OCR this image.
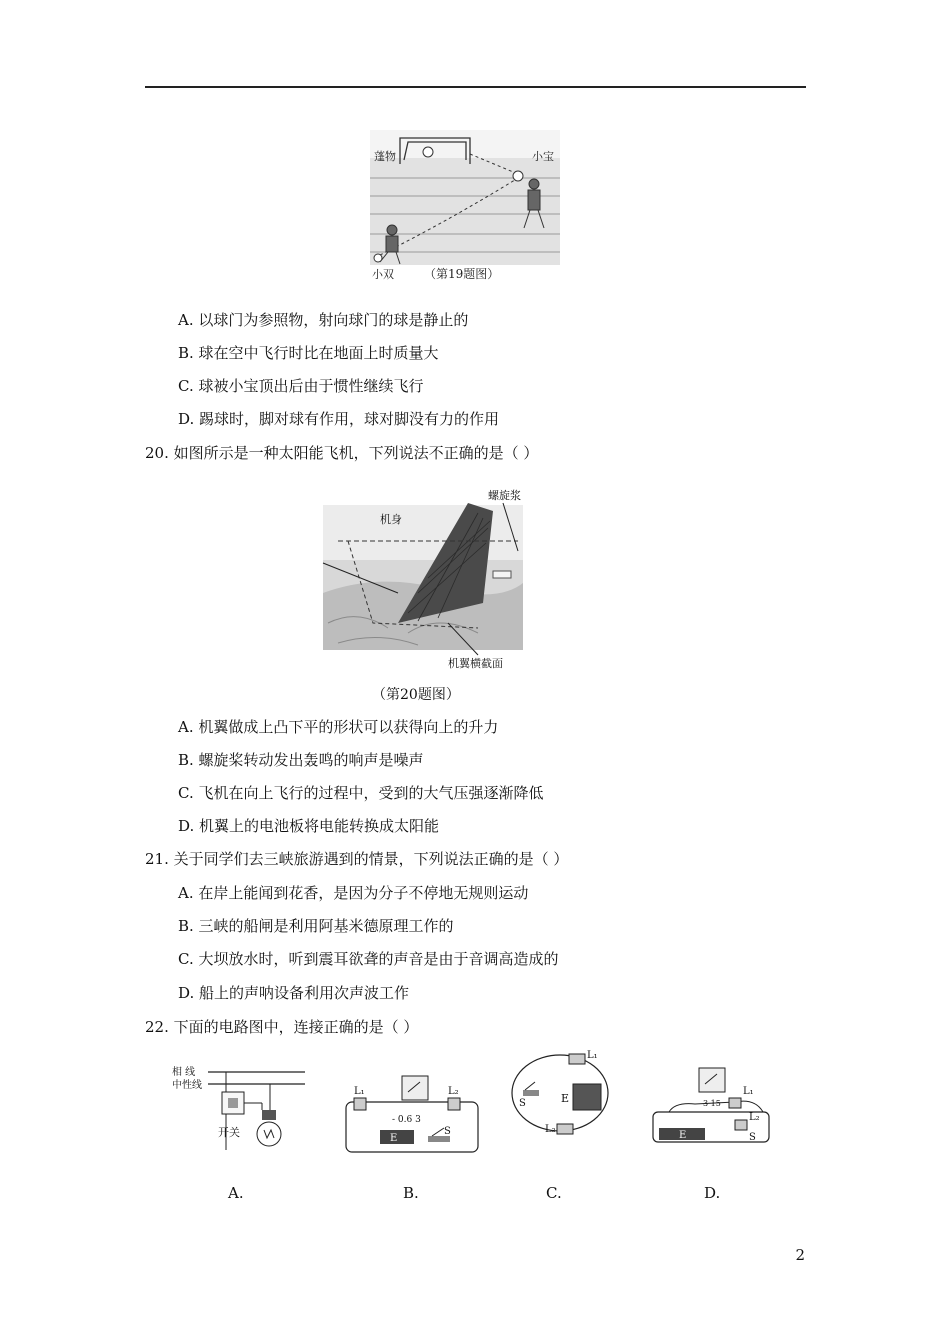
蓬物	小宝
小双	（第19题图）
A. 以球门为参照物，射向球门的球是静止的
B. 球在空中飞行时比在地面上时质量大
C. 球被小宝顶出后由于惯性继续飞行
D. 踢球时，脚对球有作用，球对脚没有力的作用
20. 如图所示是一种太阳能飞机，下列说法不正确的是（ ）
螺旋浆
机身
机翼横截面
（第20题图）
A. 机翼做成上凸下平的形状可以获得向上的升力
B. 螺旋桨转动发出轰鸣的响声是噪声
C. 飞机在向上飞行的过程中，受到的大气压强逐渐降低
D. 机翼上的电池板将电能转换成太阳能
21. 关于同学们去三峡旅游遇到的情景，下列说法正确的是（ ）
A. 在岸上能闻到花香，是因为分子不停地无规则运动
B. 三峡的船闸是利用阿基米德原理工作的
C. 大坝放水时，听到震耳欲聋的声音是由于音调高造成的
D. 船上的声呐设备利用次声波工作
22. 下面的电路图中，连接正确的是（ ）
相 线
中性线
开关
L₁	L₂
- 0.6 3
E
S
L₁
L₂
E
S
L₁
L₂
3 15
E	S
A.	B.	C.	D.
2
